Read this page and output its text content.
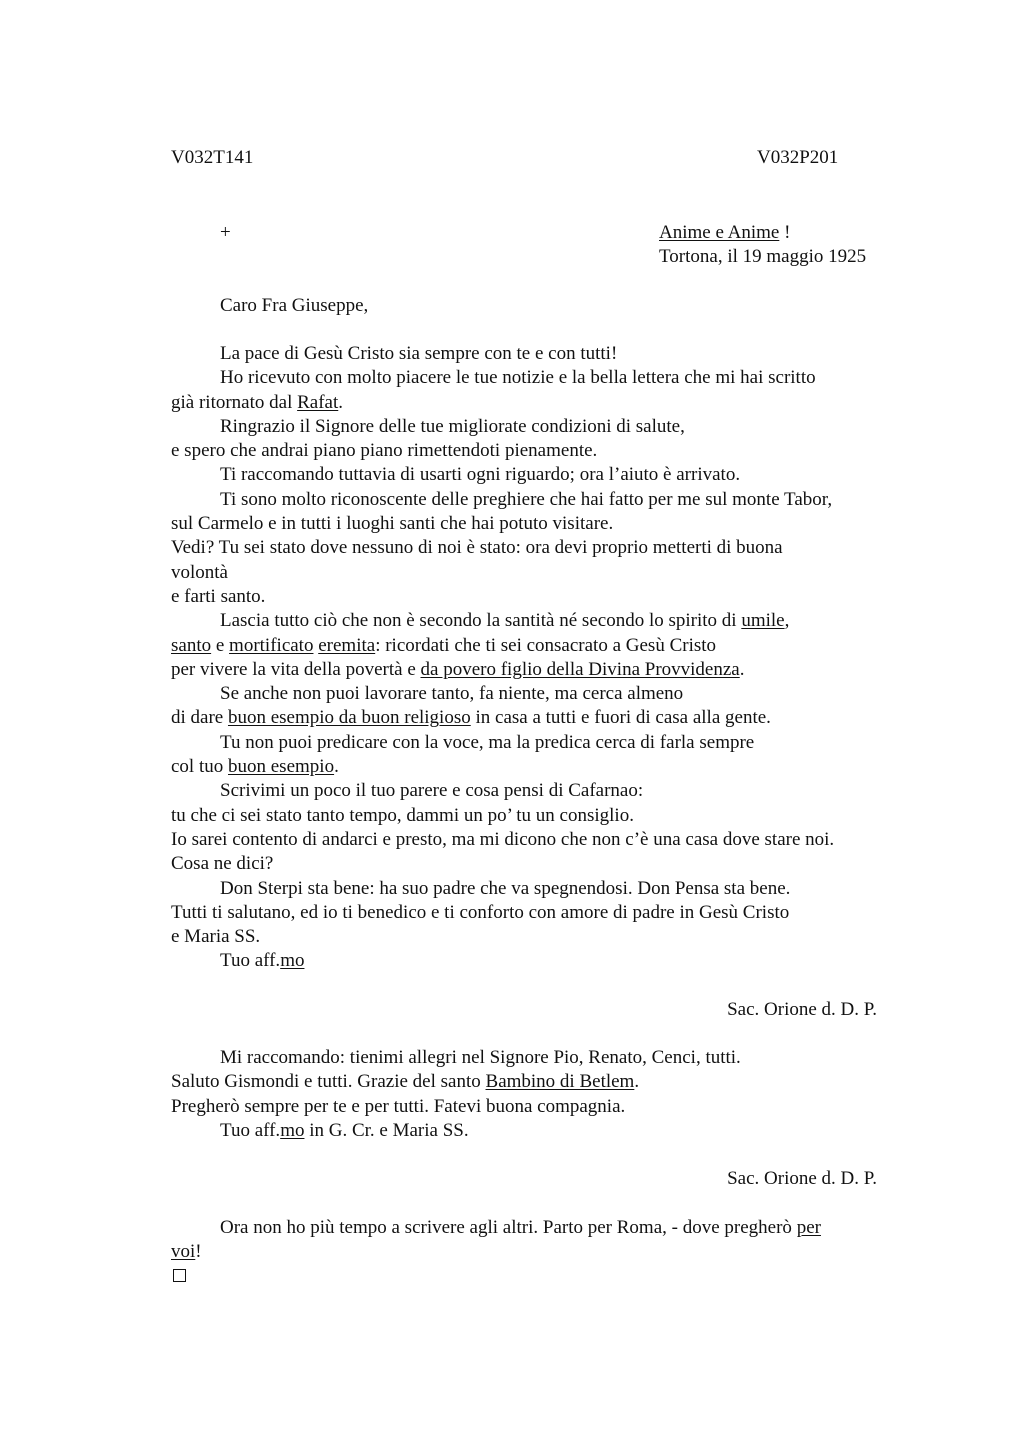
V032T141	V032P201
+	Anime e Anime !
Tortona, il 19 maggio 1925
Caro Fra Giuseppe,
La pace di Gesù Cristo sia sempre con te e con tutti!
Ho ricevuto con molto piacere le tue notizie e la bella lettera che mi hai scritto
già ritornato dal Rafat.
Ringrazio il Signore delle tue migliorate condizioni di salute,
e spero che andrai piano piano rimettendoti pienamente.
Ti raccomando tuttavia di usarti ogni riguardo; ora l’aiuto è arrivato.
Ti sono molto riconoscente delle preghiere che hai fatto per me sul monte Tabor,
sul Carmelo e in tutti i luoghi santi che hai potuto visitare.
Vedi? Tu sei stato dove nessuno di noi è stato: ora devi proprio metterti di buona
volontà
e farti santo.
Lascia tutto ciò che non è secondo la santità né secondo lo spirito di umile,
santo e mortificato eremita: ricordati che ti sei consacrato a Gesù Cristo
per vivere la vita della povertà e da povero figlio della Divina Provvidenza.
Se anche non puoi lavorare tanto, fa niente, ma cerca almeno
di dare buon esempio da buon religioso in casa a tutti e fuori di casa alla gente.
Tu non puoi predicare con la voce, ma la predica cerca di farla sempre
col tuo buon esempio.
Scrivimi un poco il tuo parere e cosa pensi di Cafarnao:
tu che ci sei stato tanto tempo, dammi un po’ tu un consiglio.
Io sarei contento di andarci e presto, ma mi dicono che non c’è una casa dove stare noi.
Cosa ne dici?
Don Sterpi sta bene: ha suo padre che va spegnendosi. Don Pensa sta bene.
Tutti ti salutano, ed io ti benedico e ti conforto con amore di padre in Gesù Cristo
e Maria SS.
Tuo aff.mo
Sac. Orione d. D. P.
Mi raccomando: tienimi allegri nel Signore Pio, Renato, Cenci, tutti.
Saluto Gismondi e tutti. Grazie del santo Bambino di Betlem.
Pregherò sempre per te e per tutti. Fatevi buona compagnia.
Tuo aff.mo in G. Cr. e Maria SS.
Sac. Orione d. D. P.
Ora non ho più tempo a scrivere agli altri. Parto per Roma, - dove pregherò per
voi!
